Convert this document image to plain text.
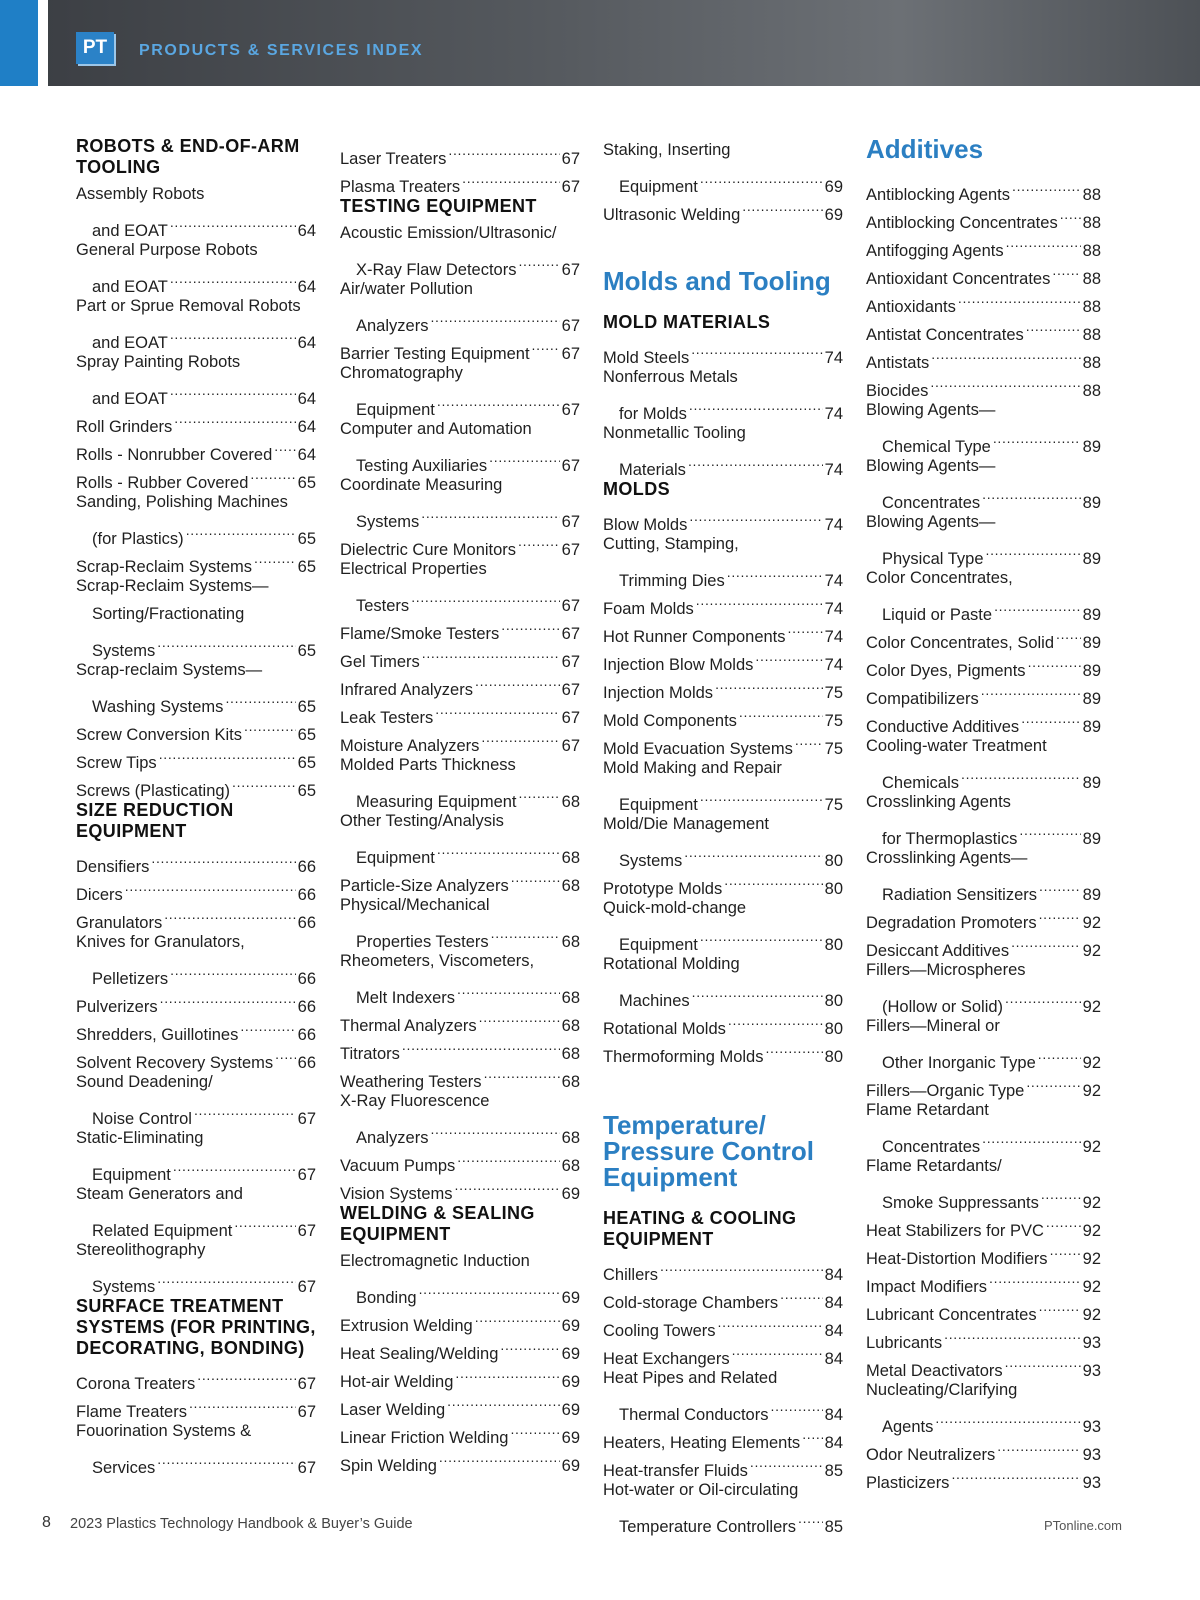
PT	PRODUCTS & SERVICES INDEX
ROBOTS & END-OF-ARM TOOLING
Assembly Robots
and EOAT . . .	64
General Purpose Robots
and EOAT . . .	64
Part or Sprue Removal Robots
and EOAT . . .	64
Spray Painting Robots
and EOAT . . .	64
Roll Grinders . . .	64
Rolls - Nonrubber Covered . . . 64
Rolls - Rubber Covered . . .	65
Sanding, Polishing Machines
(for Plastics) . . .	65
Scrap-Reclaim Systems . . .	65
Scrap-Reclaim Systems—
Sorting/Fractionating
Systems . . .	65
Scrap-reclaim Systems—
Washing Systems . . .	65
Screw Conversion Kits . . .	65
Screw Tips . . .	65
Screws (Plasticating) . . .	65
SIZE REDUCTION EQUIPMENT
Densifiers . . .	66
Dicers . . .	66
Granulators . . .	66
Knives for Granulators,
Pelletizers . . .	66
Pulverizers . . .	66
Shredders, Guillotines . . .	66
Solvent Recovery Systems . . . 66
Sound Deadening/
Noise Control . . .	67
Static-Eliminating
Equipment . . .	67
Steam Generators and
Related Equipment . . .	67
Stereolithography
Systems . . .	67
SURFACE TREATMENT SYSTEMS (FOR PRINTING, DECORATING, BONDING)
Corona Treaters . . .	67
Flame Treaters . . .	67
Fouorination Systems &
Services . . .	67
Laser Treaters . . .	67
Plasma Treaters . . .	67
TESTING EQUIPMENT
Acoustic Emission/Ultrasonic/
X-Ray Flaw Detectors . . .	67
Air/water Pollution
Analyzers . . .	67
Barrier Testing Equipment . . . 67
Chromatography
Equipment . . .	67
Computer and Automation
Testing Auxiliaries . . .	67
Coordinate Measuring
Systems . . .	67
Dielectric Cure Monitors . . .	67
Electrical Properties
Testers . . .	67
Flame/Smoke Testers . . .	67
Gel Timers . . .	67
Infrared Analyzers . . .	67
Leak Testers . . .	67
Moisture Analyzers . . .	67
Molded Parts Thickness
Measuring Equipment . . .	68
Other Testing/Analysis
Equipment . . .	68
Particle-Size Analyzers . . .	68
Physical/Mechanical
Properties Testers . . .	68
Rheometers, Viscometers,
Melt Indexers . . .	68
Thermal Analyzers . . .	68
Titrators . . .	68
Weathering Testers . . .	68
X-Ray Fluorescence
Analyzers . . .	68
Vacuum Pumps . . .	68
Vision Systems . . .	69
WELDING & SEALING EQUIPMENT
Electromagnetic Induction
Bonding . . .	69
Extrusion Welding . . .	69
Heat Sealing/Welding . . .	69
Hot-air Welding . . .	69
Laser Welding . . .	69
Linear Friction Welding . . .	69
Spin Welding . . .	69
Staking, Inserting
Equipment . . .	69
Ultrasonic Welding . . .	69
Molds and Tooling
MOLD MATERIALS
Mold Steels . . .	74
Nonferrous Metals
for Molds . . .	74
Nonmetallic Tooling
Materials . . .	74
MOLDS
Blow Molds . . .	74
Cutting, Stamping,
Trimming Dies . . .	74
Foam Molds . . .	74
Hot Runner Components . . . 74
Injection Blow Molds . . .	74
Injection Molds . . .	75
Mold Components . . .	75
Mold Evacuation Systems . . . 75
Mold Making and Repair
Equipment . . .	75
Mold/Die Management
Systems . . .	80
Prototype Molds . . .	80
Quick-mold-change
Equipment . . .	80
Rotational Molding
Machines . . .	80
Rotational Molds . . .	80
Thermoforming Molds . . .	80
Temperature/ Pressure Control Equipment
HEATING & COOLING EQUIPMENT
Chillers . . .	84
Cold-storage Chambers . . .	84
Cooling Towers . . .	84
Heat Exchangers . . .	84
Heat Pipes and Related
Thermal Conductors . . .	84
Heaters, Heating Elements . . . 84
Heat-transfer Fluids . . .	85
Hot-water or Oil-circulating
Temperature Controllers . . . 85
Additives
Antiblocking Agents . . .	88
Antiblocking Concentrates . . . 88
Antifogging Agents . . .	88
Antioxidant Concentrates . . . 88
Antioxidants . . .	88
Antistat Concentrates . . .	88
Antistats . . .	88
Biocides . . .	88
Blowing Agents—
Chemical Type . . .	89
Blowing Agents—
Concentrates . . .	89
Blowing Agents—
Physical Type . . .	89
Color Concentrates,
Liquid or Paste . . .	89
Color Concentrates, Solid . . . 89
Color Dyes, Pigments . . .	89
Compatibilizers . . .	89
Conductive Additives . . .	89
Cooling-water Treatment
Chemicals . . .	89
Crosslinking Agents
for Thermoplastics . . .	89
Crosslinking Agents—
Radiation Sensitizers . . .	89
Degradation Promoters . . .	92
Desiccant Additives . . .	92
Fillers—Microspheres
(Hollow or Solid) . . .	92
Fillers—Mineral or
Other Inorganic Type . . .	92
Fillers—Organic Type . . .	92
Flame Retardant
Concentrates . . .	92
Flame Retardants/
Smoke Suppressants . . .	92
Heat Stabilizers for PVC . . . 92
Heat-Distortion Modifiers . . . 92
Impact Modifiers . . .	92
Lubricant Concentrates . . .	92
Lubricants . . .	93
Metal Deactivators . . .	93
Nucleating/Clarifying
Agents . . .	93
Odor Neutralizers . . .	93
Plasticizers . . .	93
8 2023 Plastics Technology Handbook & Buyer’s Guide	PTonline.com
